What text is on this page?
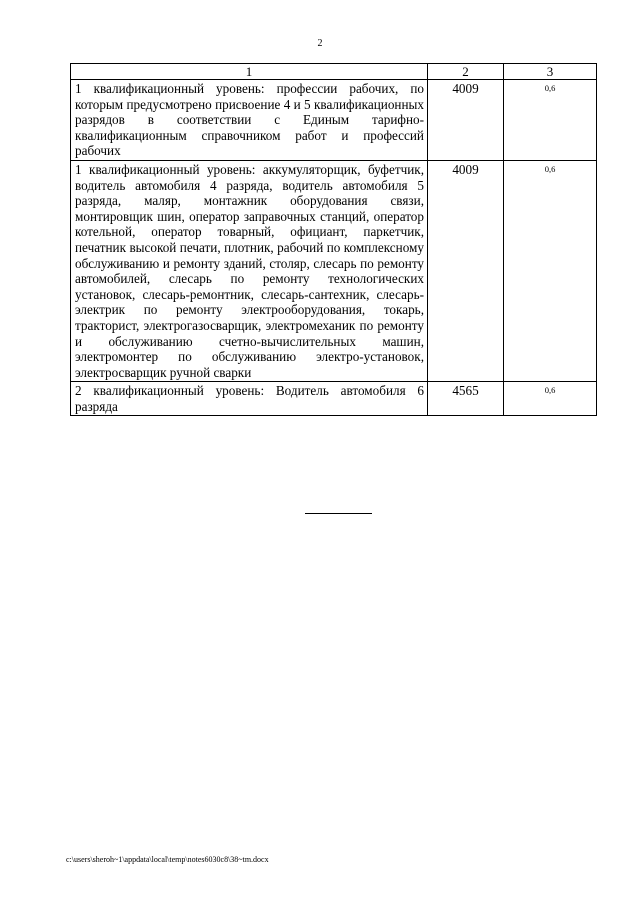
2
1	2	3
1 квалификационный уровень: профессии рабочих, по которым предусмотрено присвоение 4 и 5 квалификационных разрядов в соответствии с Единым тарифно-квалификационным справочником работ и профессий рабочих	4009	0,6
1 квалификационный уровень: аккумуляторщик, буфетчик, водитель автомобиля 4 разряда, водитель автомобиля 5 разряда, маляр, монтажник оборудования связи, монтировщик шин, оператор заправочных станций, оператор котельной, оператор товарный, официант, паркетчик, печатник высокой печати, плотник, рабочий по комплексному обслуживанию и ремонту зданий, столяр, слесарь по ремонту автомобилей, слесарь по ремонту технологических установок, слесарь-ремонтник, слесарь-сантехник, слесарь-электрик по ремонту электрооборудования, токарь, тракторист, электрогазосварщик, электромеханик по ремонту и обслуживанию счетно-вычислительных машин, электромонтер по обслуживанию электро-установок, электросварщик ручной сварки	4009	0,6
2 квалификационный уровень: Водитель автомобиля 6 разряда	4565	0,6
c:\users\sheroh~1\appdata\local\temp\notes6030c8\38~tm.docx
